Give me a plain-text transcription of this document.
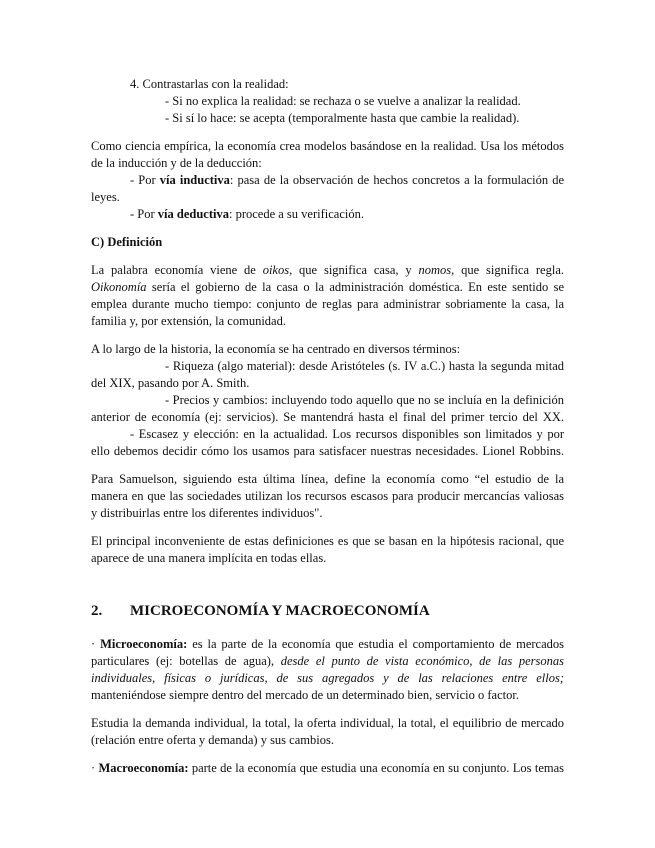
4. Contrastarlas con la realidad:
- Si no explica la realidad: se rechaza o se vuelve a analizar la realidad.
- Si sí lo hace: se acepta (temporalmente hasta que cambie la realidad).
Como ciencia empírica, la economía crea modelos basándose en la realidad. Usa los métodos
de la inducción y de la deducción:
- Por vía inductiva: pasa de la observación de hechos concretos a la formulación de
leyes.
- Por vía deductiva: procede a su verificación.
C) Definición
La palabra economía viene de oikos, que significa casa, y nomos, que significa regla.
Oikonomía sería el gobierno de la casa o la administración doméstica. En este sentido se
emplea durante mucho tiempo: conjunto de reglas para administrar sobriamente la casa, la
familia y, por extensión, la comunidad.
A lo largo de la historia, la economía se ha centrado en diversos términos:
- Riqueza (algo material): desde Aristóteles (s. IV a.C.) hasta la segunda mitad
del XIX, pasando por A. Smith.
- Precios y cambios: incluyendo todo aquello que no se incluía en la definición
anterior de economía (ej: servicios). Se mantendrá hasta el final del primer tercio del XX.
- Escasez y elección: en la actualidad. Los recursos disponibles son limitados y por
ello debemos decidir cómo los usamos para satisfacer nuestras necesidades. Lionel Robbins.
Para Samuelson, siguiendo esta última línea, define la economía como “el estudio de la
manera en que las sociedades utilizan los recursos escasos para producir mercancías valiosas
y distribuirlas entre los diferentes individuos".
El principal inconveniente de estas definiciones es que se basan en la hipótesis racional, que
aparece de una manera implícita en todas ellas.
2. MICROECONOMÍA Y MACROECONOMÍA
· Microeconomía: es la parte de la economía que estudia el comportamiento de mercados
particulares (ej: botellas de agua), desde el punto de vista económico, de las personas
individuales, físicas o jurídicas, de sus agregados y de las relaciones entre ellos;
manteniéndose siempre dentro del mercado de un determinado bien, servicio o factor.
Estudia la demanda individual, la total, la oferta individual, la total, el equilibrio de mercado
(relación entre oferta y demanda) y sus cambios.
· Macroeconomía: parte de la economía que estudia una economía en su conjunto. Los temas
